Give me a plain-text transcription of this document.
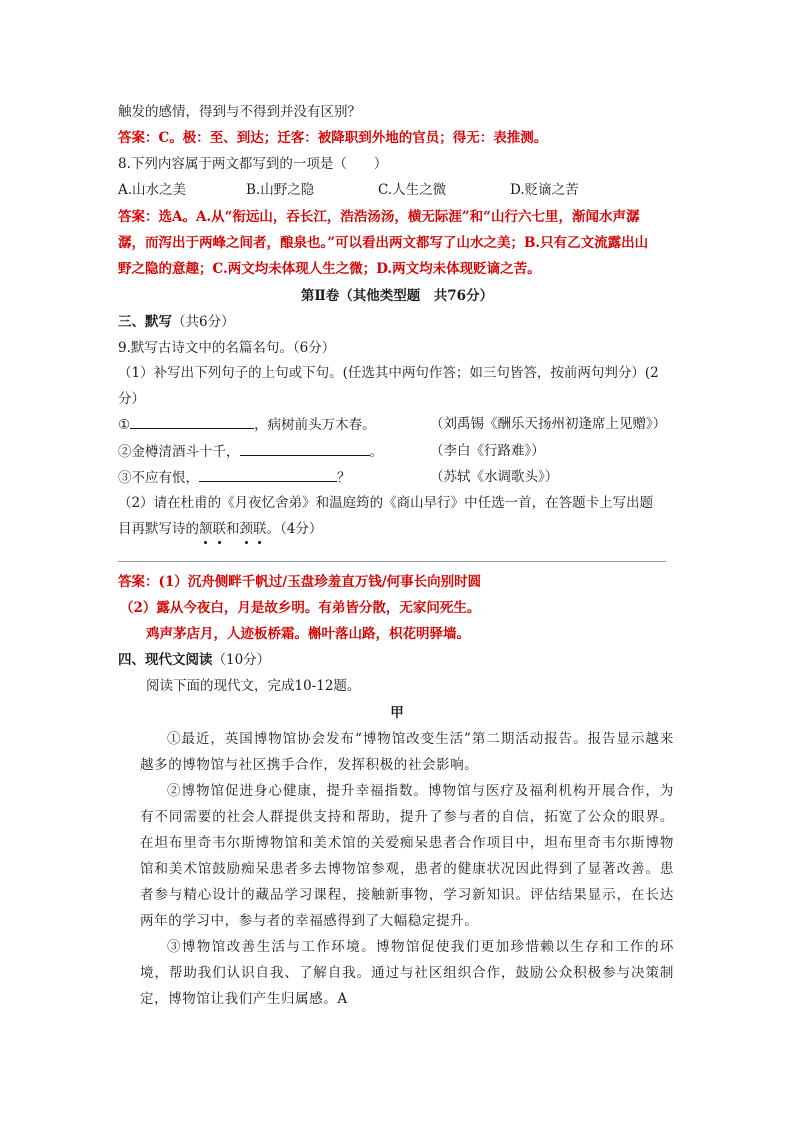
触发的感情，得到与不得到并没有区别？
答案：C。极：至、到达；迁客：被降职到外地的官员；得无：表推测。
8.下列内容属于两文都写到的一项是（　　）
A.山水之美	B.山野之隐	C.人生之微	D.贬谪之苦
答案：选A。A.从“衔远山，吞长江，浩浩汤汤，横无际涯”和“山行六七里，渐闻水声潺
潺，而泻出于两峰之间者，酿泉也。”可以看出两文都写了山水之美；B.只有乙文流露出山
野之隐的意趣；C.两文均未体现人生之微；D.两文均未体现贬谪之苦。
第Ⅱ卷（其他类型题　共76分）
三、默写（共6分）
9.默写古诗文中的名篇名句。（6分）
（1）补写出下列句子的上句或下句。(任选其中两句作答；如三句皆答，按前两句判分）(2
分）
①	，病树前头万木春。	（刘禹锡《酬乐天扬州初逢席上见赠》）
②金樽清酒斗十千，	。	（李白《行路难》）
③不应有恨，	？	（苏轼《水调歌头》）
（2）请在杜甫的《月夜忆舍弟》和温庭筠的《商山早行》中任选一首，在答题卡上写出题
目再默写诗的颔联和颈联。（4分）
答案：(1）沉舟侧畔千帆过/玉盘珍羞直万钱/何事长向别时圆
（2）露从今夜白，月是故乡明。有弟皆分散，无家问死生。
鸡声茅店月，人迹板桥霜。槲叶落山路，枳花明驿墙。
四、现代文阅读（10分）
阅读下面的现代文，完成10-12题。
甲

①最近，英国博物馆协会发布“博物馆改变生活”第二期活动报告。报告显示越来越多的博物馆与社区携手合作，发挥积极的社会影响。

②博物馆促进身心健康，提升幸福指数。博物馆与医疗及福利机构开展合作，为有不同需要的社会人群提供支持和帮助，提升了参与者的自信，拓宽了公众的眼界。在坦布里奇韦尔斯博物馆和美术馆的关爱痴呆患者合作项目中，坦布里奇韦尔斯博物馆和美术馆鼓励痴呆患者多去博物馆参观，患者的健康状况因此得到了显著改善。患者参与精心设计的藏品学习课程，接触新事物，学习新知识。评估结果显示，在长达两年的学习中，参与者的幸福感得到了大幅稳定提升。

③博物馆改善生活与工作环境。博物馆促使我们更加珍惜赖以生存和工作的环境，帮助我们认识自我、了解自我。通过与社区组织合作，鼓励公众积极参与决策制定，博物馆让我们产生归属感。A
